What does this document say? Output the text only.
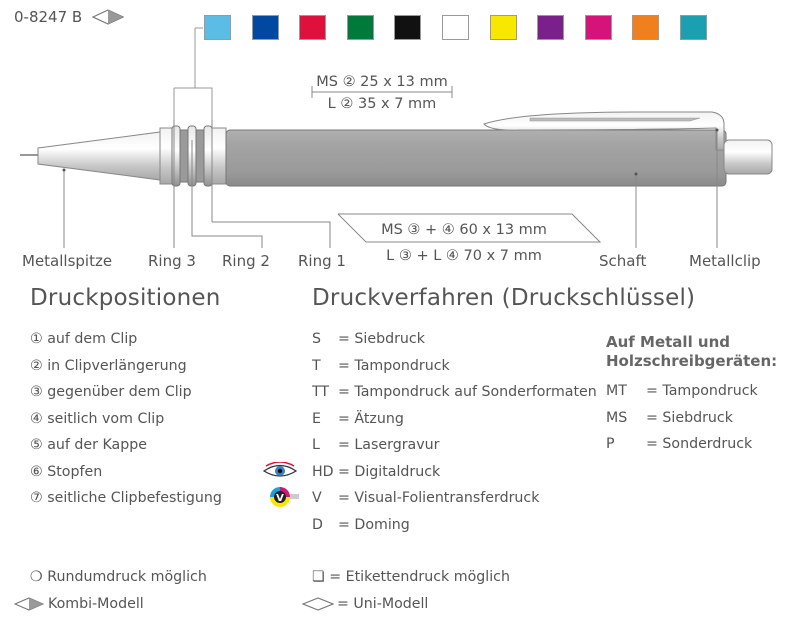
0-8247 B
MS ② 25 x 13 mm
L ② 35 x 7 mm
MS ③ + ④ 60 x 13 mm
L ③ + L ④ 70 x 7 mm
Metallspitze Ring 3 Ring 2 Ring 1	Schaft	Metallclip
Druckpositionen	Druckverfahren (Druckschlüssel)
① auf dem Clip
② in Clipverlängerung
③ gegenüber dem Clip
④ seitlich vom Clip
⑤ auf der Kappe
⑥ Stopfen
⑦ seitliche Clipbefestigung	V
S	= Siebdruck
T	= Tampondruck
TT = Tampondruck auf Sonderformaten
E	= Ätzung
L	= Lasergravur
HD = Digitaldruck
V	= Visual-Folientransferdruck
D	= Doming
Auf Metall und
Holzschreibgeräten:
MT	= Tampondruck
MS	= Siebdruck
P	= Sonderdruck
❍ Rundumdruck möglich
Kombi-Modell
❏ = Etikettendruck möglich
= Uni-Modell
